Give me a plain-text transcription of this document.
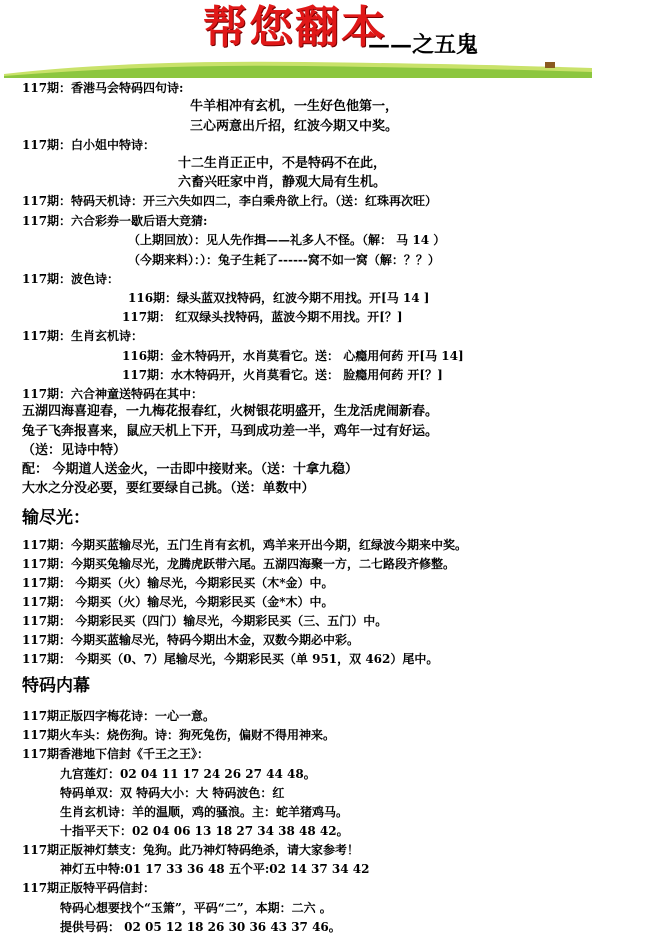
帮您翻本
——之五鬼
117期：香港马会特码四句诗:
牛羊相冲有玄机，一生好色他第一，
三心两意出斤招，红波今期又中奖。
117期：白小姐中特诗：
十二生肖正正中，不是特码不在此，
六畜兴旺家中肖，静观大局有生机。
117期：特码天机诗：开三六失如四二，李白乘舟欲上行。（送：红珠再次旺）
117期：六合彩券一歇后语大竞猜:
（上期回放）：见人先作揖——礼多人不怪。（解： 马 14 ）
（今期来料）：）：兔子生耗了------窝不如一窝（解：？？）
117期：波色诗：
116期：绿头蓝双找特码，红波今期不用找。开[马 14 ]
117期： 红双绿头找特码，蓝波今期不用找。开[？]
117期：生肖玄机诗：
116期：金木特码开，水肖莫看它。送： 心瘾用何药 开[马 14]
117期：水木特码开，火肖莫看它。送： 脸瘾用何药 开[？]
117期：六合神童送特码在其中：
五湖四海喜迎春，一九梅花报春红，火树银花明盛开，生龙活虎闹新春。
兔子飞奔报喜来，鼠应天机上下开，马到成功差一半，鸡年一过有好运。
（送：见诗中特）
配： 今期道人送金火，一击即中接财来。（送：十拿九稳）
大水之分没必要，要红要绿自己挑。（送：单数中）
输尽光：
117期：今期买蓝输尽光，五门生肖有玄机，鸡羊来开出今期，红绿波今期来中奖。
117期：今期买兔输尽光，龙腾虎跃带六尾。五湖四海聚一方，二七路段齐修整。
117期： 今期买（火）输尽光，今期彩民买（木*金）中。
117期： 今期买（火）输尽光，今期彩民买（金*木）中。
117期： 今期彩民买（四门）输尽光，今期彩民买（三、五门）中。
117期：今期买蓝输尽光，特码今期出木金，双数今期必中彩。
117期： 今期买（0、7）尾输尽光，今期彩民买（单 951，双 462）尾中。
特码内幕
117期正版四字梅花诗：一心一意。
117期火车头：烧伤狗。诗：狗死兔伤，偏财不得用神来。
117期香港地下信封《千王之王》：
九宫莲灯：02 04 11 17 24 26 27 44 48。
特码单双：双 特码大小：大 特码波色：红
生肖玄机诗：羊的温顺，鸡的骚浪。主：蛇羊猪鸡马。
十指平天下：02 04 06 13 18 27 34 38 48 42。
117期正版神灯禁支：兔狗。此乃神灯特码绝杀，请大家参考！
神灯五中特:01 17 33 36 48 五个平:02 14 37 34 42
117期正版特平码信封：
特码心想要找个“玉箫”，平码“二”，本期：二六 。
提供号码： 02 05 12 18 26 30 36 43 37 46。
